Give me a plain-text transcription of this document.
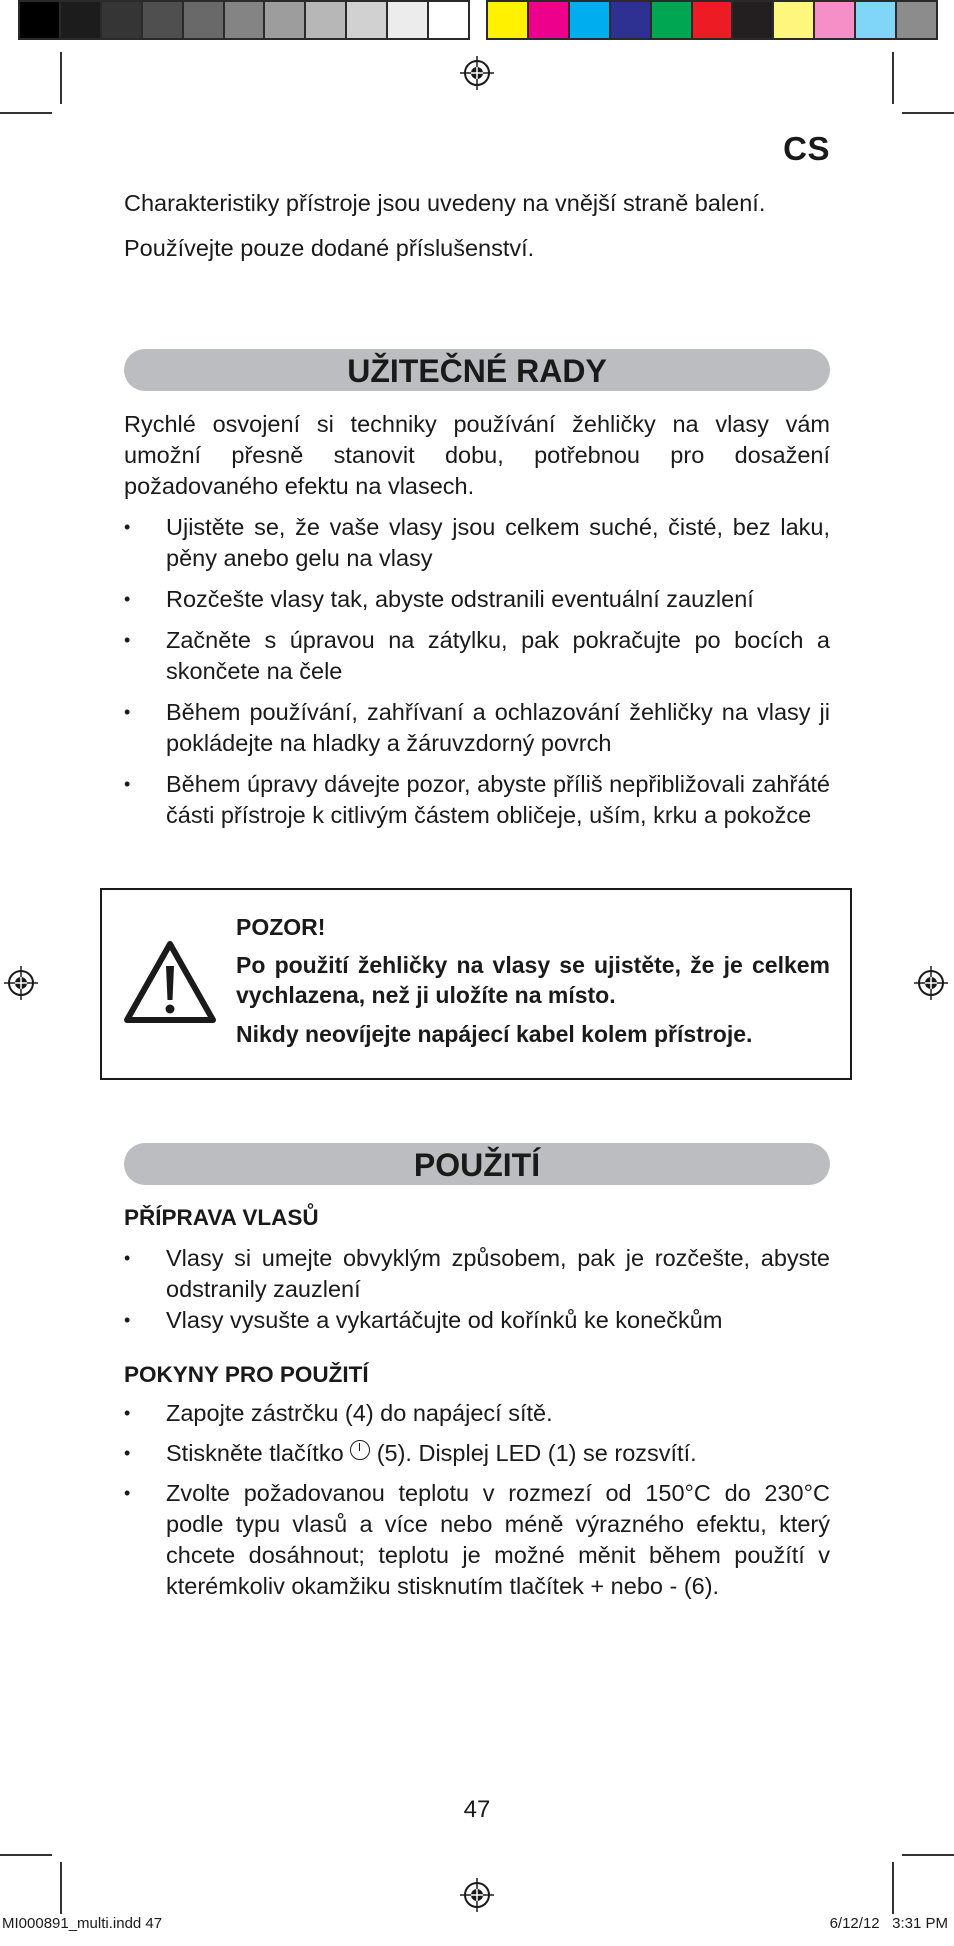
CS

Charakteristiky přístroje jsou uvedeny na vnější straně balení.

Používejte pouze dodané příslušenství.

UŽITEČNÉ RADY

Rychlé osvojení si techniky používání žehličky na vlasy vám umožní přesně stanovit dobu, potřebnou pro dosažení požadovaného efektu na vlasech.

• Ujistěte se, že vaše vlasy jsou celkem suché, čisté, bez laku, pěny anebo gelu na vlasy
• Rozčešte vlasy tak, abyste odstranili eventuální zauzlení
• Začněte s úpravou na zátylku, pak pokračujte po bocích a skončete na čele
• Během používání, zahřívaní a ochlazování žehličky na vlasy ji pokládejte na hladky a žáruvzdorný povrch
• Během úpravy dávejte pozor, abyste příliš nepřibližovali zahřáté části přístroje k citlivým částem obličeje, uším, krku a pokožce

POZOR!

Po použití žehličky na vlasy se ujistěte, že je celkem vychlazena, než ji uložíte na místo.

Nikdy neovíjejte napájecí kabel kolem přístroje.

POUŽITÍ

PŘÍPRAVA VLASŮ

• Vlasy si umejte obvyklým způsobem, pak je rozčešte, abyste odstranily zauzlení
• Vlasy vysušte a vykartáčujte od kořínků ke konečkům

POKYNY PRO POUŽITÍ

• Zapojte zástrčku (4) do napájecí sítě.
• Stiskněte tlačítko (5). Displej LED (1) se rozsvítí.
• Zvolte požadovanou teplotu v rozmezí od 150°C do 230°C podle typu vlasů a více nebo méně výrazného efektu, který chcete dosáhnout; teplotu je možné měnit během použítí v kterémkoliv okamžiku stisknutím tlačítek + nebo - (6).
47
MI000891_multi.indd 47	6/12/12   3:31 PM
